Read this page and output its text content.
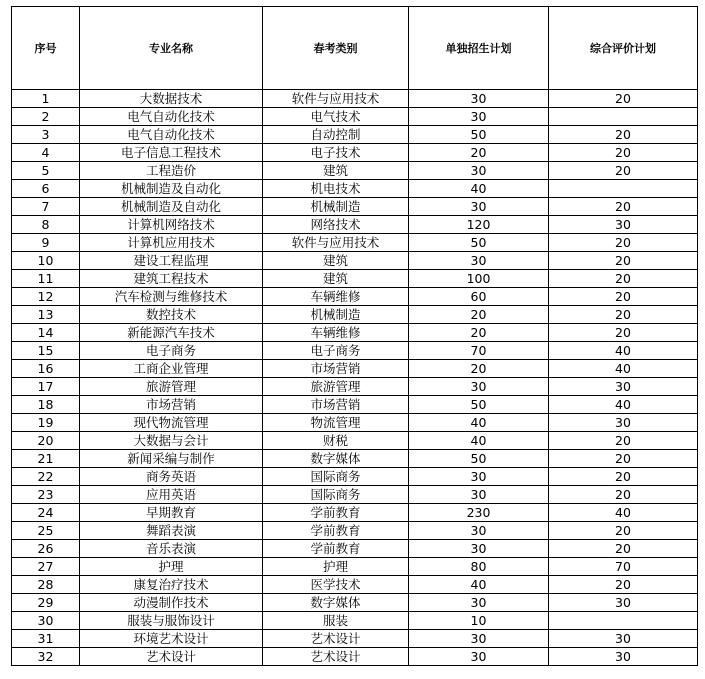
序号	专业名称	春考类别	单独招生计划	综合评价计划
1	大数据技术	软件与应用技术	30	20
2	电气自动化技术	电气技术	30	
3	电气自动化技术	自动控制	50	20
4	电子信息工程技术	电子技术	20	20
5	工程造价	建筑	30	20
6	机械制造及自动化	机电技术	40	
7	机械制造及自动化	机械制造	30	20
8	计算机网络技术	网络技术	120	30
9	计算机应用技术	软件与应用技术	50	20
10	建设工程监理	建筑	30	20
11	建筑工程技术	建筑	100	20
12	汽车检测与维修技术	车辆维修	60	20
13	数控技术	机械制造	20	20
14	新能源汽车技术	车辆维修	20	20
15	电子商务	电子商务	70	40
16	工商企业管理	市场营销	20	40
17	旅游管理	旅游管理	30	30
18	市场营销	市场营销	50	40
19	现代物流管理	物流管理	40	30
20	大数据与会计	财税	40	20
21	新闻采编与制作	数字媒体	50	20
22	商务英语	国际商务	30	20
23	应用英语	国际商务	30	20
24	早期教育	学前教育	230	40
25	舞蹈表演	学前教育	30	20
26	音乐表演	学前教育	30	20
27	护理	护理	80	70
28	康复治疗技术	医学技术	40	20
29	动漫制作技术	数字媒体	30	30
30	服装与服饰设计	服装	10	
31	环境艺术设计	艺术设计	30	30
32	艺术设计	艺术设计	30	30
